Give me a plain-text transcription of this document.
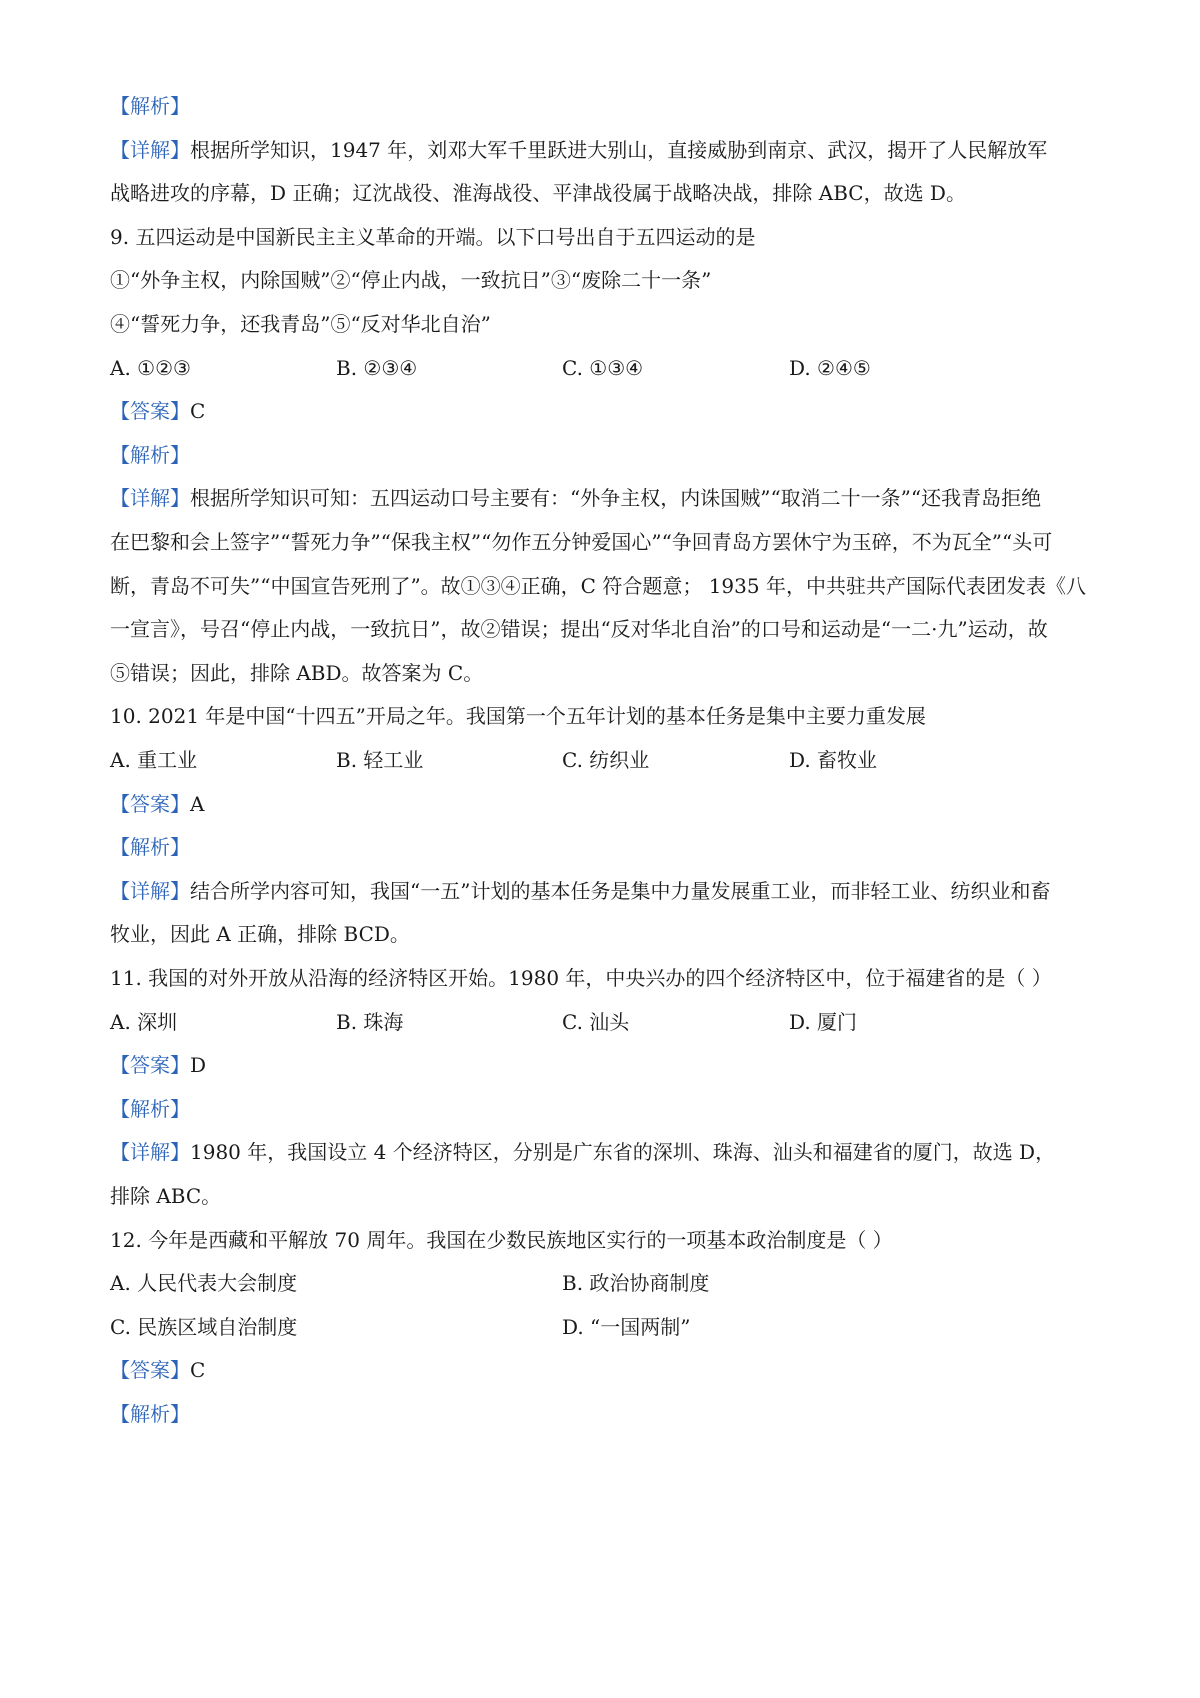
【解析】
【详解】根据所学知识，1947 年，刘邓大军千里跃进大别山，直接威胁到南京、武汉，揭开了人民解放军
战略进攻的序幕，D 正确；辽沈战役、淮海战役、平津战役属于战略决战，排除 ABC，故选 D。
9. 五四运动是中国新民主主义革命的开端。以下口号出自于五四运动的是
①“外争主权，内除国贼”②“停止内战，一致抗日”③“废除二十一条”
④“誓死力争，还我青岛”⑤“反对华北自治”
A. ①②③	B. ②③④	C. ①③④	D. ②④⑤
【答案】C
【解析】
【详解】根据所学知识可知：五四运动口号主要有：“外争主权，内诛国贼”“取消二十一条”“还我青岛拒绝
在巴黎和会上签字”“誓死力争”“保我主权”“勿作五分钟爱国心”“争回青岛方罢休宁为玉碎，不为瓦全”“头可
断，青岛不可失”“中国宣告死刑了”。故①③④正确，C 符合题意； 1935 年，中共驻共产国际代表团发表《八
一宣言》，号召“停止内战，一致抗日”，故②错误；提出“反对华北自治”的口号和运动是“一二·九”运动，故
⑤错误；因此，排除 ABD。故答案为 C。
10. 2021 年是中国“十四五”开局之年。我国第一个五年计划的基本任务是集中主要力重发展
A. 重工业	B. 轻工业	C. 纺织业	D. 畜牧业
【答案】A
【解析】
【详解】结合所学内容可知，我国“一五”计划的基本任务是集中力量发展重工业，而非轻工业、纺织业和畜
牧业，因此 A 正确，排除 BCD。
11. 我国的对外开放从沿海的经济特区开始。1980 年，中央兴办的四个经济特区中，位于福建省的是（ ）
A. 深圳	B. 珠海	C. 汕头	D. 厦门
【答案】D
【解析】
【详解】1980 年，我国设立 4 个经济特区，分别是广东省的深圳、珠海、汕头和福建省的厦门，故选 D，
排除 ABC。
12. 今年是西藏和平解放 70 周年。我国在少数民族地区实行的一项基本政治制度是（ ）
A. 人民代表大会制度	B. 政治协商制度
C. 民族区域自治制度	D. “一国两制”
【答案】C
【解析】
